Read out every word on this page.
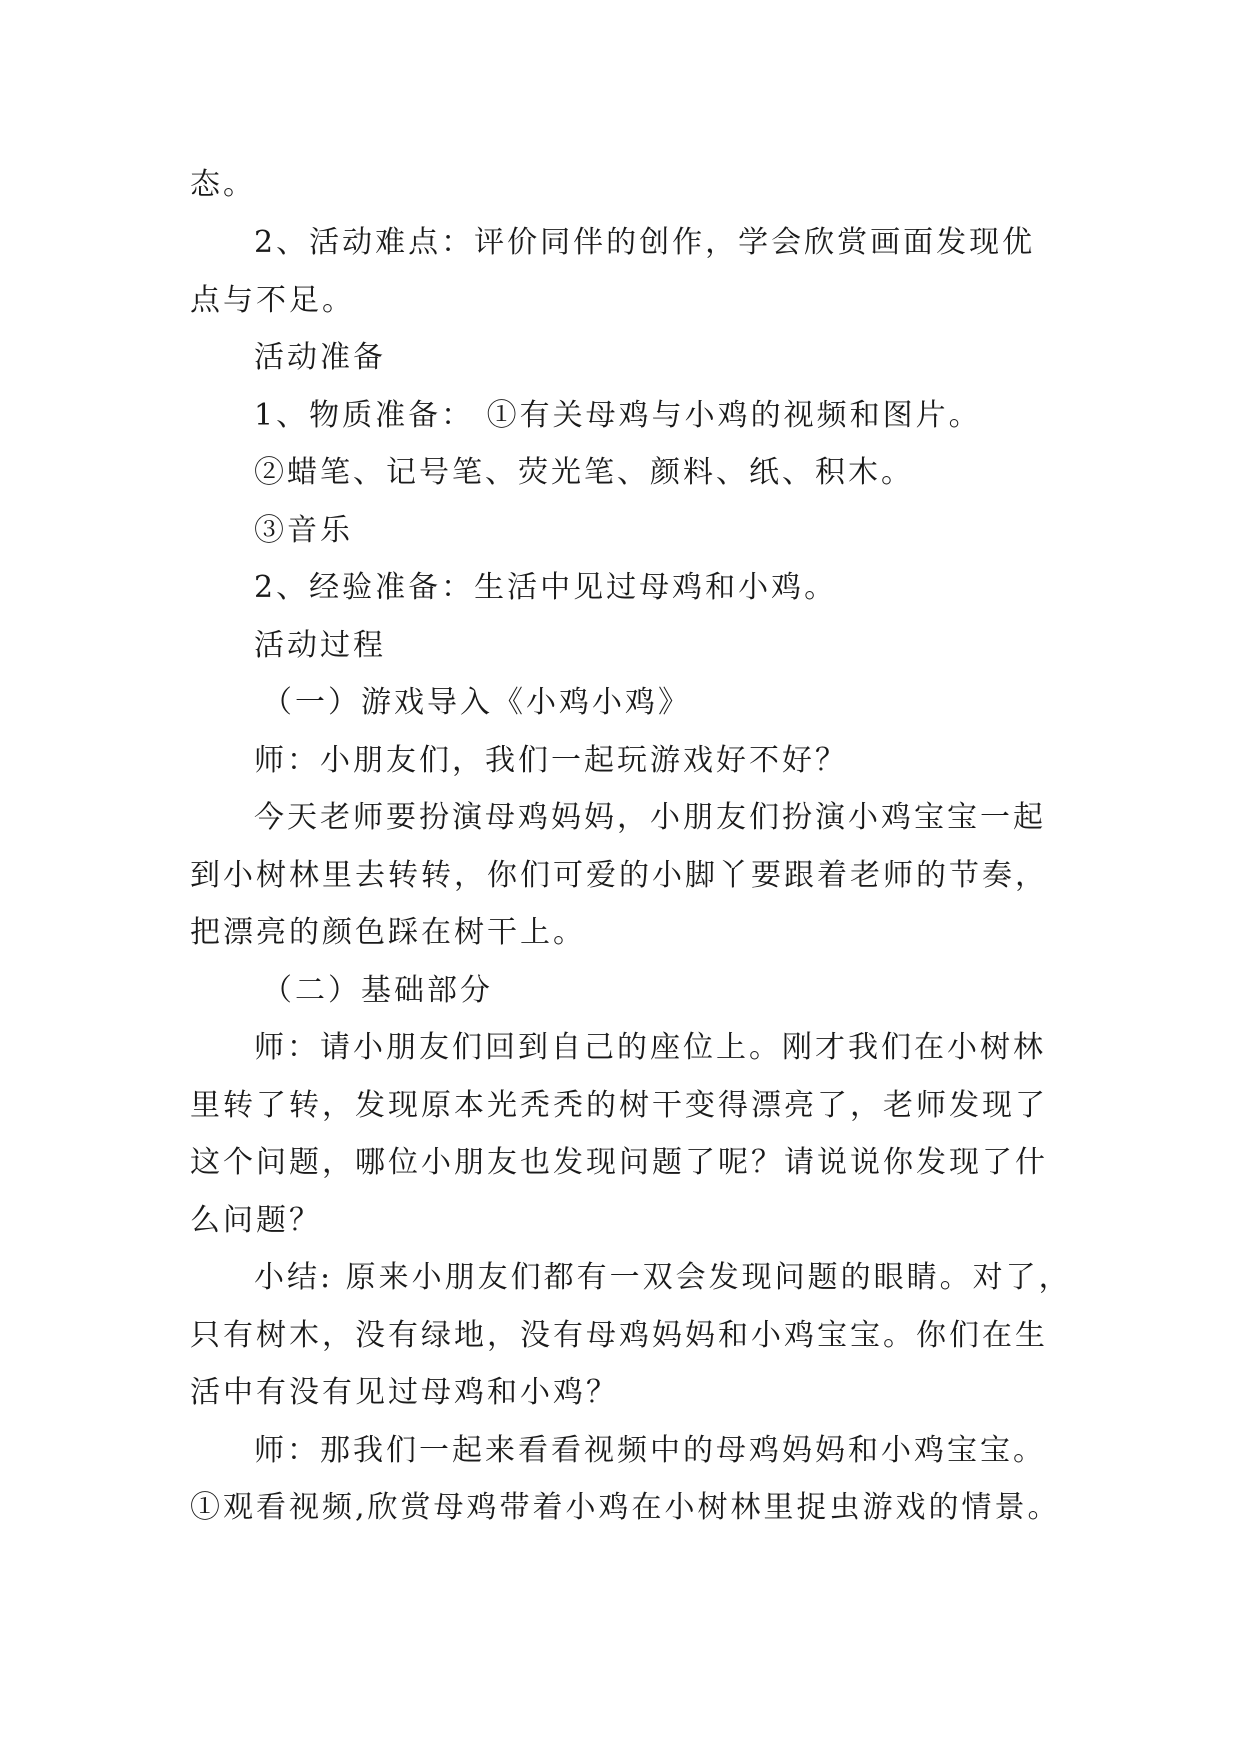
态。
2、活动难点：评价同伴的创作，学会欣赏画面发现优
点与不足。
活动准备
1、物质准备： ①有关母鸡与小鸡的视频和图片。
②蜡笔、记号笔、荧光笔、颜料、纸、积木。
③音乐
2、经验准备：生活中见过母鸡和小鸡。
活动过程
（一）游戏导入《小鸡小鸡》
师：小朋友们，我们一起玩游戏好不好？
今天老师要扮演母鸡妈妈，小朋友们扮演小鸡宝宝一起
到小树林里去转转，你们可爱的小脚丫要跟着老师的节奏，
把漂亮的颜色踩在树干上。
（二）基础部分
师：请小朋友们回到自己的座位上。刚才我们在小树林
里转了转，发现原本光秃秃的树干变得漂亮了，老师发现了
这个问题，哪位小朋友也发现问题了呢？请说说你发现了什
么问题？
小结: 原来小朋友们都有一双会发现问题的眼睛。对了，
只有树木，没有绿地，没有母鸡妈妈和小鸡宝宝。你们在生
活中有没有见过母鸡和小鸡？
师：那我们一起来看看视频中的母鸡妈妈和小鸡宝宝。
①观看视频,欣赏母鸡带着小鸡在小树林里捉虫游戏的情景。
